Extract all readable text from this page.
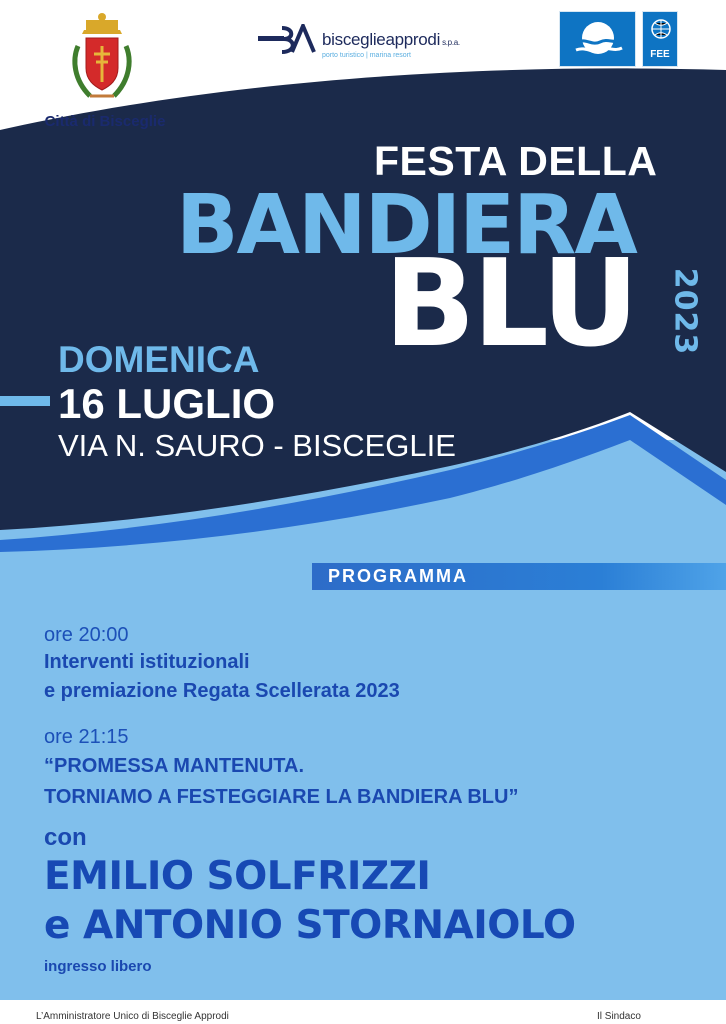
Città di Bisceglie
bisceglieapprodi s.p.a.
porto turistico | marina resort	FEE
FESTA DELLA
BANDIERA
BLU 2023
DOMENICA
16 LUGLIO
VIA N. SAURO - BISCEGLIE
PROGRAMMA
ore 20:00
Interventi istituzionali
e premiazione Regata Scellerata 2023
ore 21:15
“PROMESSA MANTENUTA.
TORNIAMO A FESTEGGIARE LA BANDIERA BLU”
con
EMILIO SOLFRIZZI
e ANTONIO STORNAIOLO
ingresso libero
L’Amministratore Unico di Bisceglie Approdi	Il Sindaco
